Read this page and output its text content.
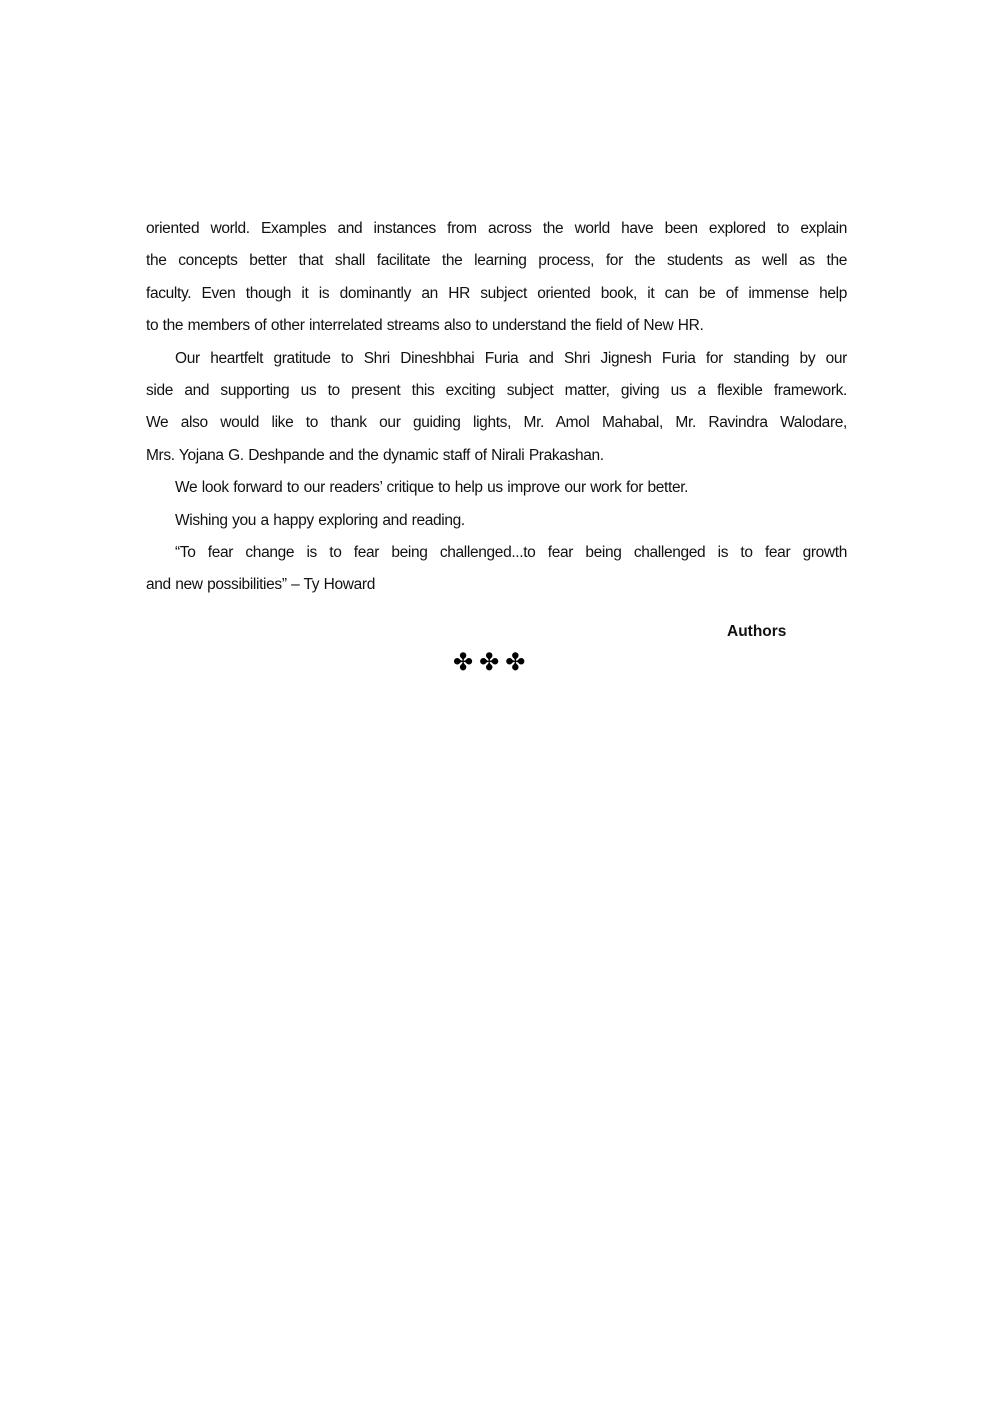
oriented world. Examples and instances from across the world have been explored to explain
the concepts better that shall facilitate the learning process, for the students as well as the
faculty. Even though it is dominantly an HR subject oriented book, it can be of immense help
to the members of other interrelated streams also to understand the field of New HR.
Our heartfelt gratitude to Shri Dineshbhai Furia and Shri Jignesh Furia for standing by our
side and supporting us to present this exciting subject matter, giving us a flexible framework.
We also would like to thank our guiding lights, Mr. Amol Mahabal, Mr. Ravindra Walodare,
Mrs. Yojana G. Deshpande and the dynamic staff of Nirali Prakashan.
We look forward to our readers’ critique to help us improve our work for better.
Wishing you a happy exploring and reading.
“To fear change is to fear being challenged...to fear being challenged is to fear growth
and new possibilities” – Ty Howard
Authors
✤✤✤
